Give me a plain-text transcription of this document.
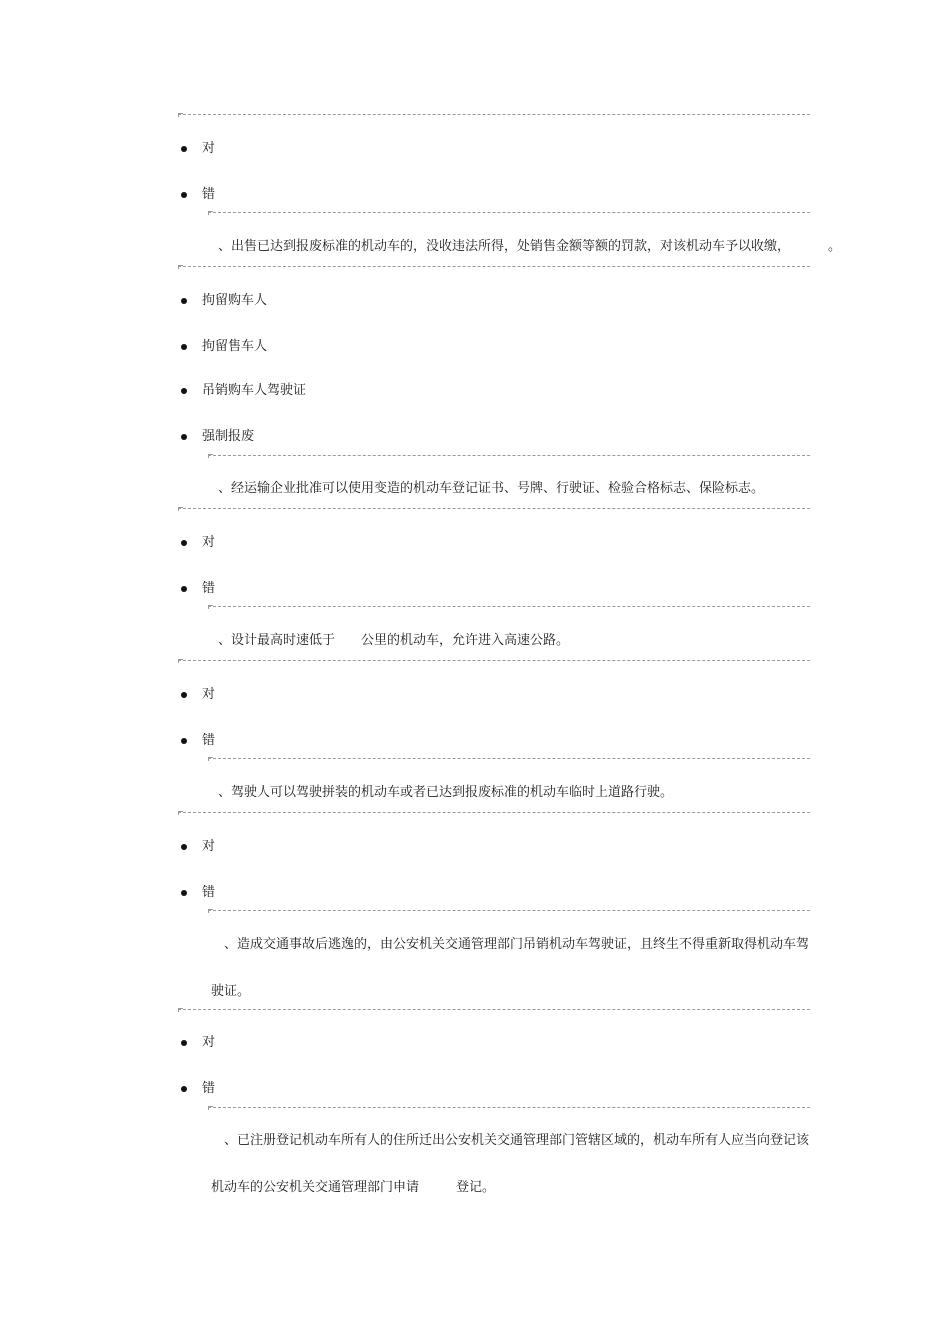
对
错
、出售已达到报废标准的机动车的，没收违法所得，处销售金额等额的罚款，对该机动车予以收缴，	。
拘留购车人
拘留售车人
吊销购车人驾驶证
强制报废
、经运输企业批准可以使用变造的机动车登记证书、号牌、行驶证、检验合格标志、保险标志。
对
错
、设计最高时速低于 公里的机动车，允许进入高速公路。
对
错
、驾驶人可以驾驶拼装的机动车或者已达到报废标准的机动车临时上道路行驶。
对
错
、造成交通事故后逃逸的，由公安机关交通管理部门吊销机动车驾驶证，且终生不得重新取得机动车驾
驶证。
对
错
、已注册登记机动车所有人的住所迁出公安机关交通管理部门管辖区域的，机动车所有人应当向登记该
机动车的公安机关交通管理部门申请	登记。
